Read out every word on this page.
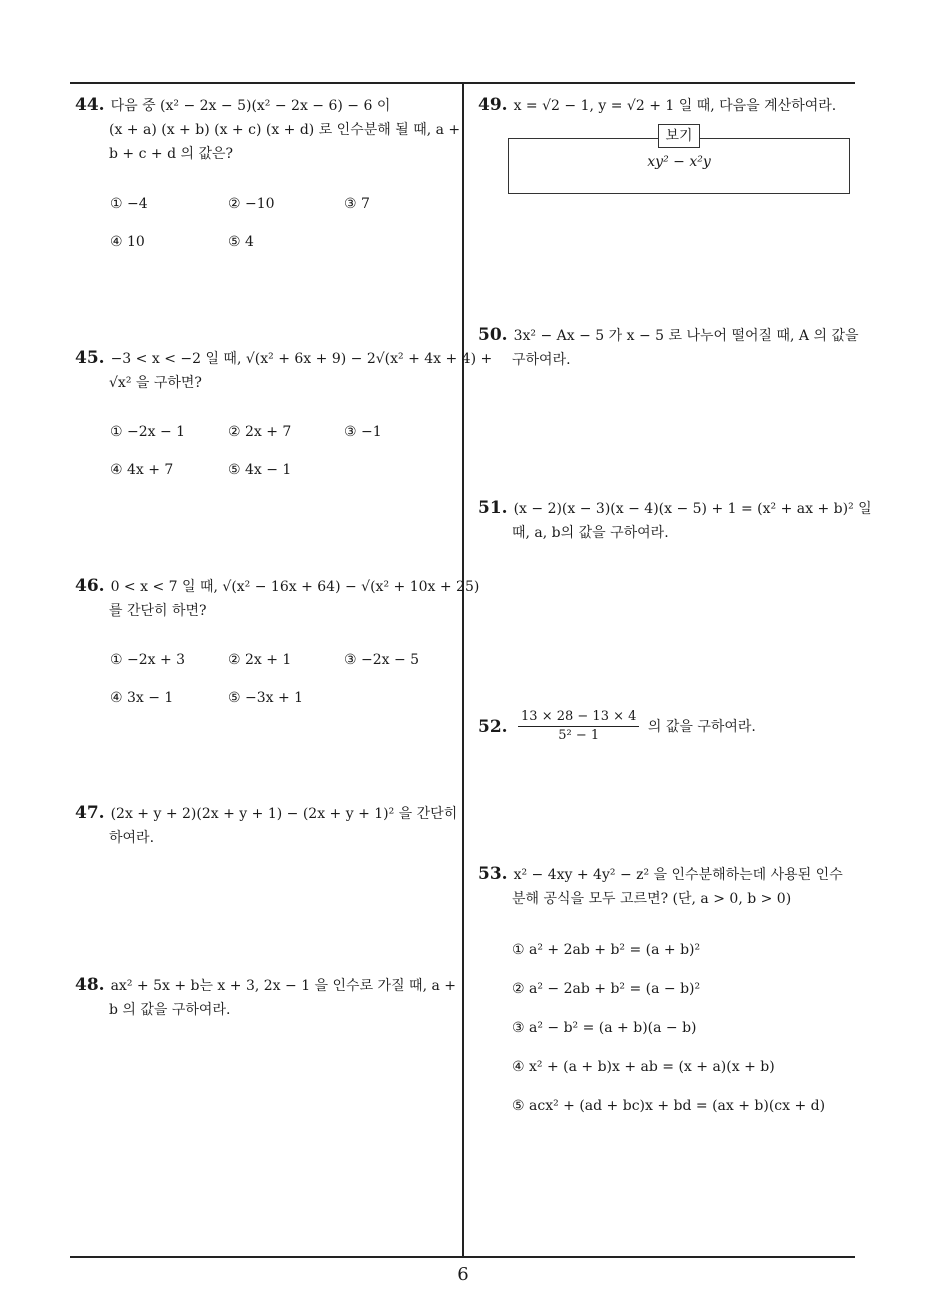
44. 다음 중 (x² − 2x − 5)(x² − 2x − 6) − 6 이
(x + a) (x + b) (x + c) (x + d) 로 인수분해 될 때, a +
b + c + d 의 값은?
① −4	② −10	③ 7
④ 10	⑤ 4
45. −3 < x < −2 일 때, √(x² + 6x + 9) − 2√(x² + 4x + 4) +
√x² 을 구하면?
① −2x − 1	② 2x + 7	③ −1
④ 4x + 7	⑤ 4x − 1
46. 0 < x < 7 일 때, √(x² − 16x + 64) − √(x² + 10x + 25)
를 간단히 하면?
① −2x + 3	② 2x + 1	③ −2x − 5
④ 3x − 1	⑤ −3x + 1
47. (2x + y + 2)(2x + y + 1) − (2x + y + 1)² 을 간단히
하여라.
48. ax² + 5x + b는 x + 3, 2x − 1 을 인수로 가질 때, a +
b 의 값을 구하여라.
49. x = √2 − 1, y = √2 + 1 일 때, 다음을 계산하여라.
xy² − x²y
보기
50. 3x² − Ax − 5 가 x − 5 로 나누어 떨어질 때, A 의 값을
구하여라.
51. (x − 2)(x − 3)(x − 4)(x − 5) + 1 = (x² + ax + b)² 일
때, a, b의 값을 구하여라.
52. $\frac{13 \times 28 - 13 \times 4}{\text{5² − 1}}$ 의 값을 구하여라.
53. x² − 4xy + 4y² − z² 을 인수분해하는데 사용된 인수
분해 공식을 모두 고르면? (단, a > 0, b > 0)
① a² + 2ab + b² = (a + b)²
② a² − 2ab + b² = (a − b)²
③ a² − b² = (a + b)(a − b)
④ x² + (a + b)x + ab = (x + a)(x + b)
⑤ acx² + (ad + bc)x + bd = (ax + b)(cx + d)
6
